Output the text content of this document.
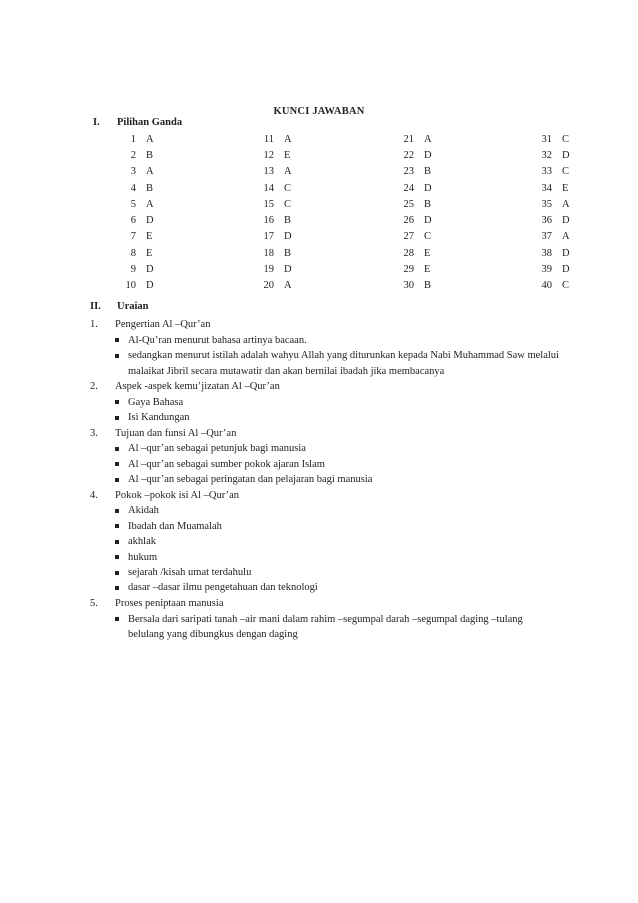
KUNCI JAWABAN
I. Pilihan Ganda
1	A	11	A	21	A	31	C
2	B	12	E	22	D	32	D
3	A	13	A	23	B	33	C
4	B	14	C	24	D	34	E
5	A	15	C	25	B	35	A
6	D	16	B	26	D	36	D
7	E	17	D	27	C	37	A
8	E	18	B	28	E	38	D
9	D	19	D	29	E	39	D
10	D	20	A	30	B	40	C
II. Uraian
1.	Pengertian Al –Qur’an
Al-Qu’ran menurut bahasa artinya bacaan.
sedangkan menurut istilah adalah wahyu Allah yang diturunkan kepada Nabi Muhammad Saw melalui malaikat Jibril secara mutawatir dan akan bernilai ibadah jika membacanya
2.	Aspek -aspek kemu’jizatan Al –Qur’an
Gaya Bahasa
Isi Kandungan
3.	Tujuan dan funsi Al –Qur’an
Al –qur’an sebagai petunjuk bagi manusia
Al –qur’an sebagai sumber pokok ajaran Islam
Al –qur’an sebagai peringatan dan pelajaran bagi manusia
4.	Pokok –pokok isi Al –Qur’an
Akidah
Ibadah dan Muamalah
akhlak
hukum
sejarah /kisah umat terdahulu
dasar –dasar ilmu pengetahuan dan teknologi
5.	Proses peniptaan manusia
Bersala dari saripati tanah –air mani dalam rahim –segumpal darah –segumpal daging –tulang belulang yang dibungkus dengan daging
